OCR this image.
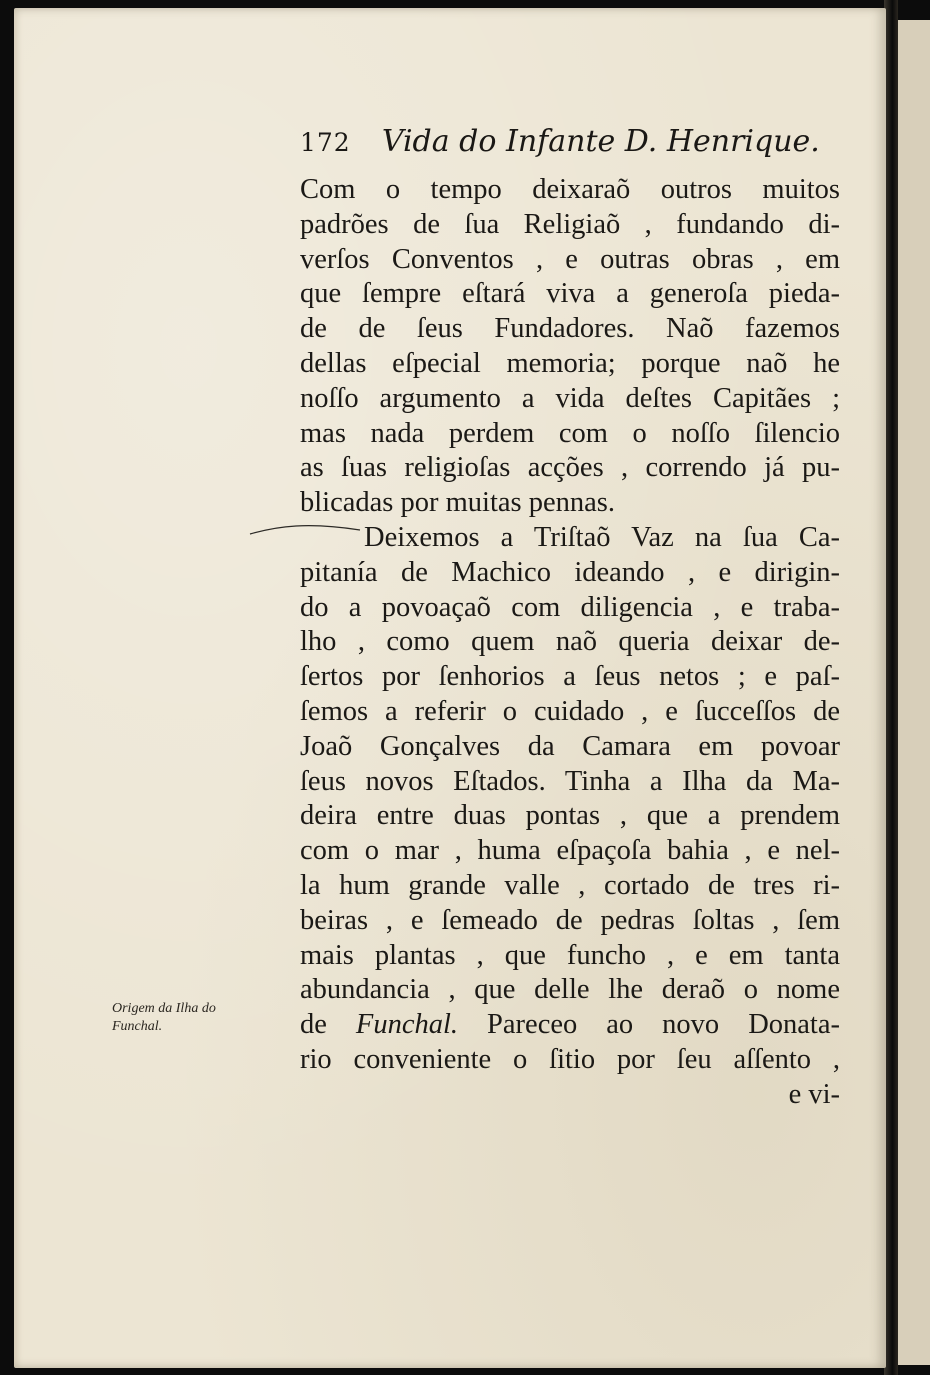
172 Vida do Infante D. Henrique.
Com o tempo deixaraõ outros muitos
padrões de ſua Religiaõ , fundando di-
verſos Conventos , e outras obras , em
que ſempre eſtará viva a generoſa pieda-
de de ſeus Fundadores. Naõ fazemos
dellas eſpecial memoria; porque naõ he
noſſo argumento a vida deſtes Capitães ;
mas nada perdem com o noſſo ſilencio
as ſuas religioſas acções , correndo já pu-
blicadas por muitas pennas.
Deixemos a Triſtaõ Vaz na ſua Ca-
pitanía de Machico ideando , e dirigin-
do a povoaçaõ com diligencia , e traba-
lho , como quem naõ queria deixar de-
ſertos por ſenhorios a ſeus netos ; e paſ-
ſemos a referir o cuidado , e ſucceſſos de
Joaõ Gonçalves da Camara em povoar
ſeus novos Eſtados. Tinha a Ilha da Ma-
deira entre duas pontas , que a prendem
com o mar , huma eſpaçoſa bahia , e nel-
la hum grande valle , cortado de tres ri-
beiras , e ſemeado de pedras ſoltas , ſem
mais plantas , que funcho , e em tanta
abundancia , que delle lhe deraõ o nome
de Funchal. Pareceo ao novo Donata-
rio conveniente o ſitio por ſeu aſſento ,
e vi-
Origem da Ilha do
Funchal.
